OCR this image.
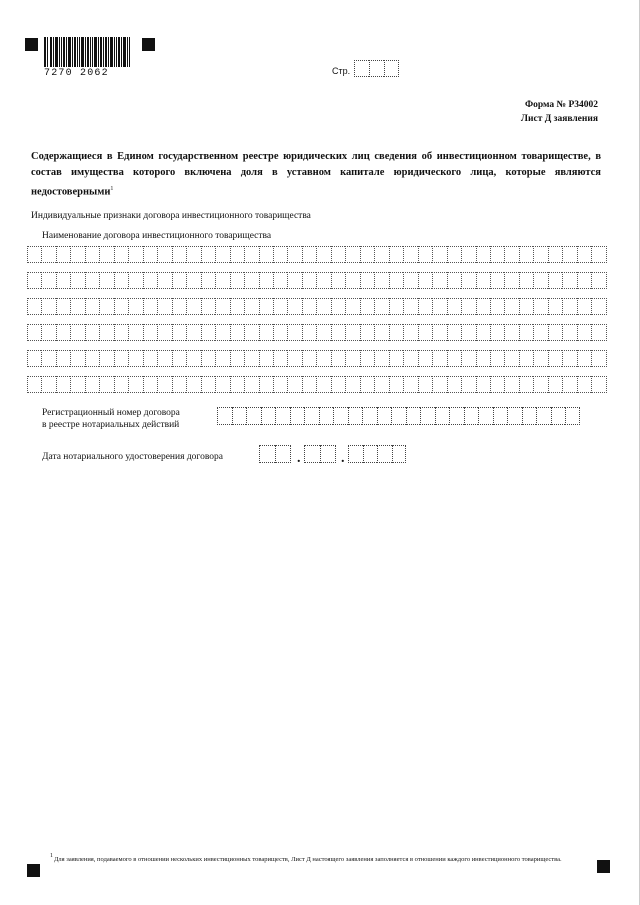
7270 2062	Стр.
Форма № Р34002
Лист Д заявления
Содержащиеся в Едином государственном реестре юридических лиц сведения об инвестиционном товариществе, в состав имущества которого включена доля в уставном капитале юридического лица, которые являются недостоверными$^1$
Индивидуальные признаки договора инвестиционного товарищества
Наименование договора инвестиционного товарищества
Регистрационный номер договора
в реестре нотариальных действий
Дата нотариального удостоверения договора	.	.
1 Для заявления, подаваемого в отношении нескольких инвестиционных товариществ, Лист Д настоящего заявления заполняется в отношении каждого инвестиционного товарищества.
